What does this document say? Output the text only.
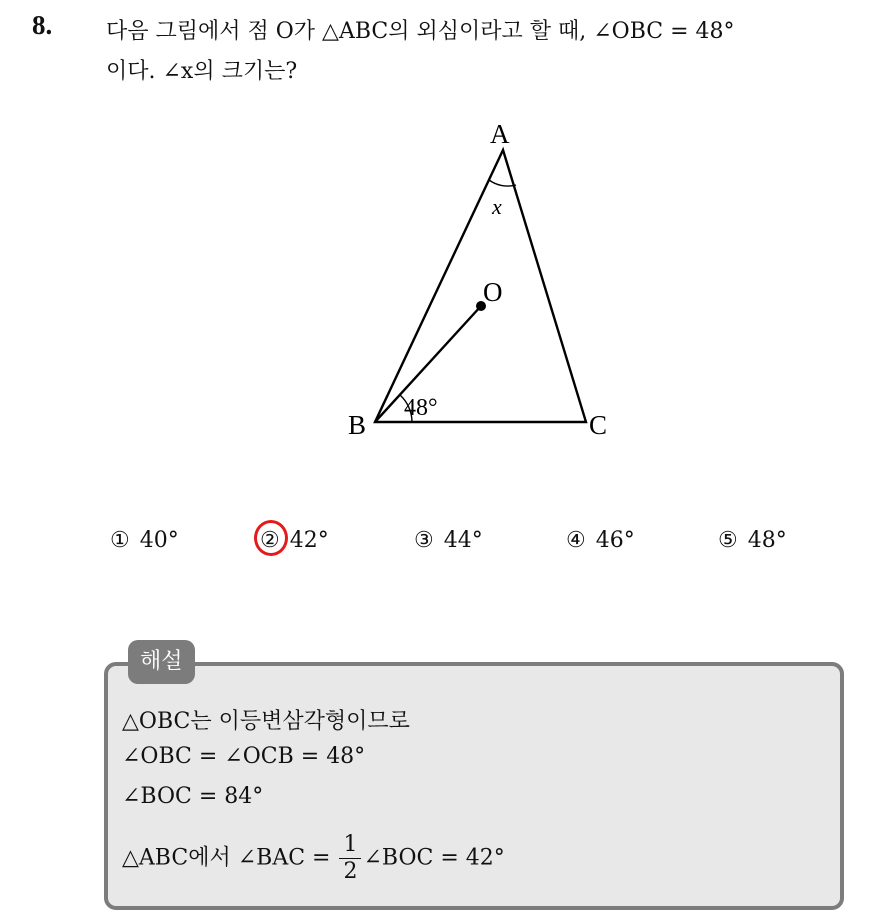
8. 다음 그림에서 점 O가 △ABC의 외심이라고 할 때, ∠OBC = 48°
이다. ∠x의 크기는?
A
B	C
O
x
48°
① 40°	② 42°	③ 44°	④ 46°	⑤ 48°
해설
△OBC는 이등변삼각형이므로
∠OBC = ∠OCB = 48°
∠BOC = 84°
△ABC에서 ∠BAC = $\frac{1}{2}$ ∠BOC = 42°
